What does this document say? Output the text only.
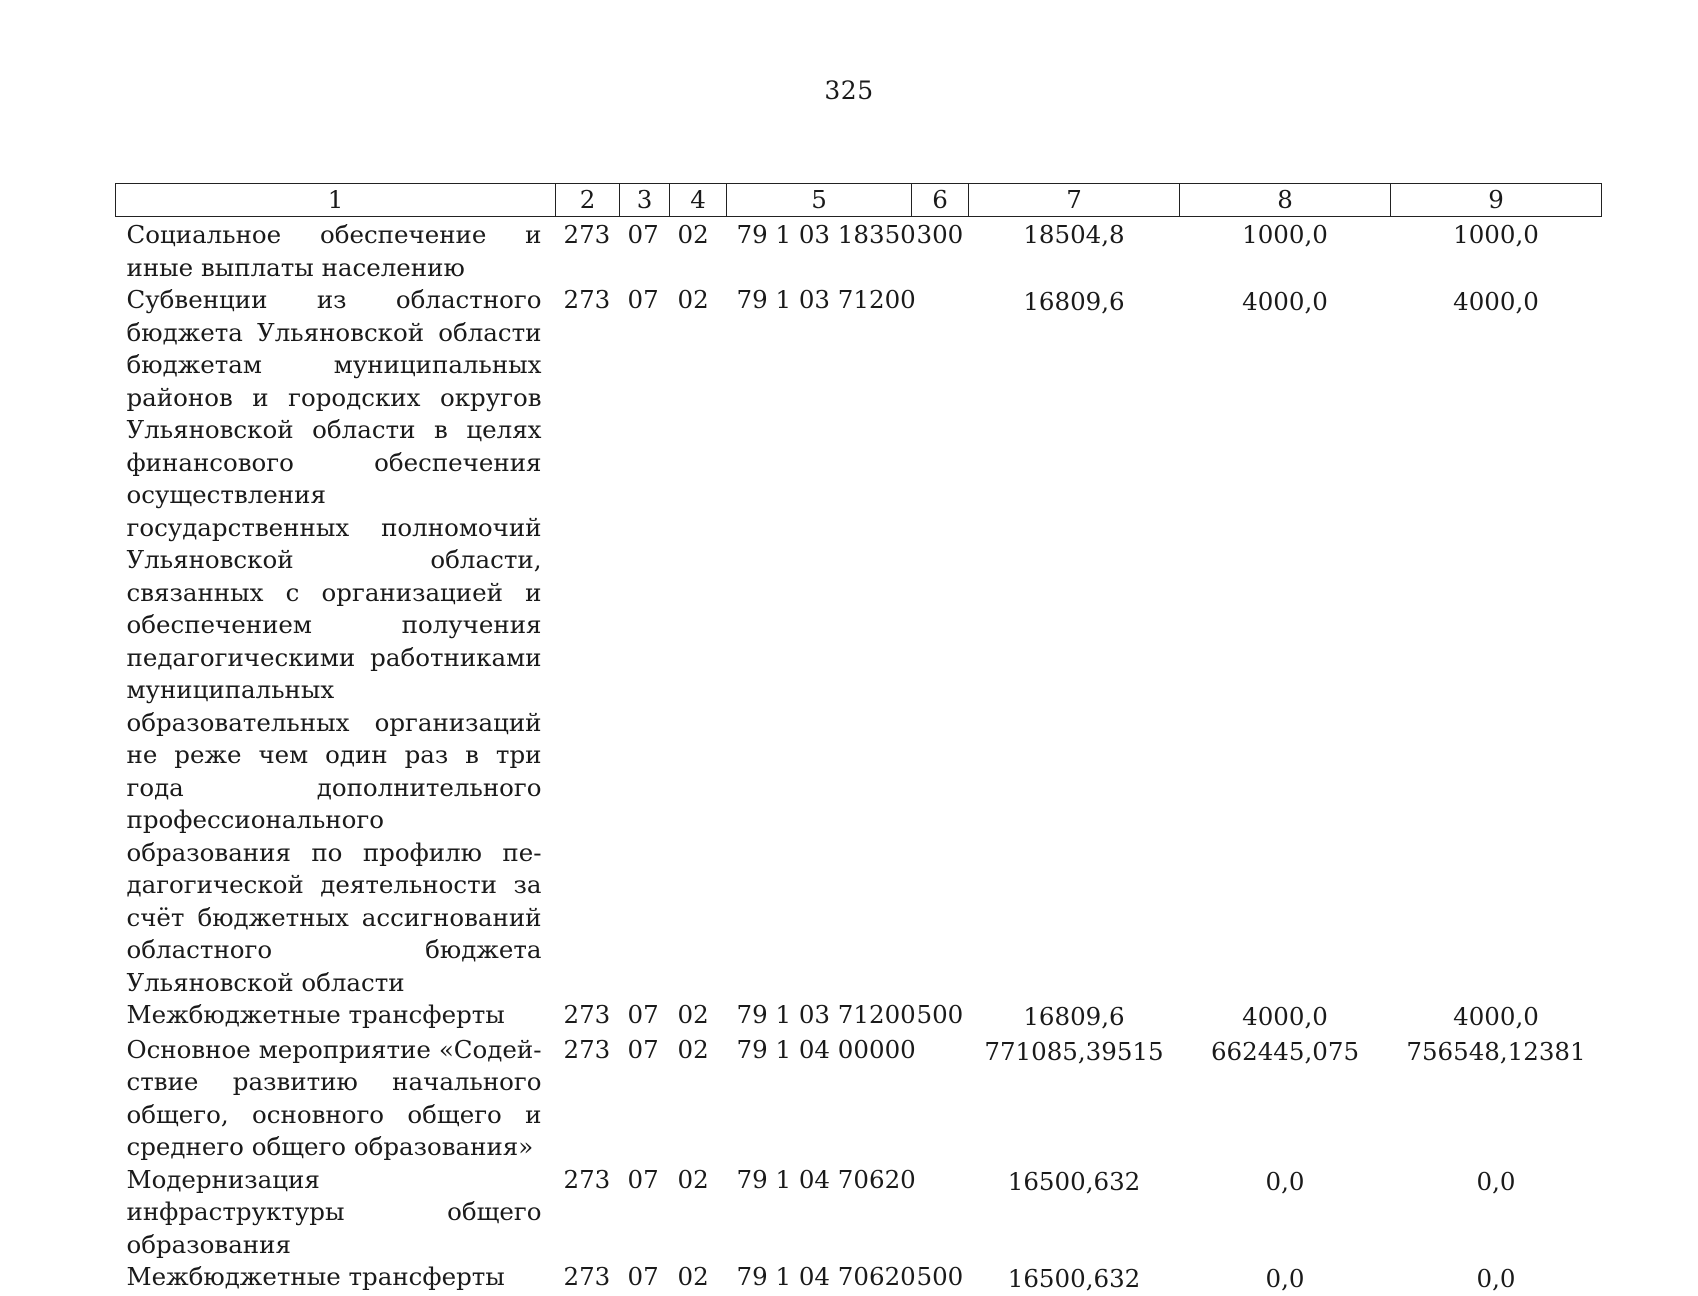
325
1	2	3	4	5	6	7	8	9
Социальное обеспечение и иные выплаты населению	273	07	02	79 1 03 18350	300	18504,8	1000,0	1000,0
Субвенции из областного бюджета Ульяновской области бюджетам муниципальных районов и городских округов Ульяновской области в целях финансового обеспечения осуществления государственных полномочий Ульяновской области, связанных с организацией и обеспечением получения педагогическими работниками муниципальных образовательных организаций не реже чем один раз в три года дополнительного профессионального образования по профилю педагогической деятельности за счёт бюджетных ассигнований областного бюджета Ульяновской области	273	07	02	79 1 03 71200		16809,6	4000,0	4000,0
Межбюджетные трансферты	273	07	02	79 1 03 71200	500	16809,6	4000,0	4000,0
Основное мероприятие «Содействие развитию начального общего, основного общего и среднего общего образования»	273	07	02	79 1 04 00000		771085,39515	662445,075	756548,12381
Модернизация инфраструктуры общего образования	273	07	02	79 1 04 70620		16500,632	0,0	0,0
Межбюджетные трансферты	273	07	02	79 1 04 70620	500	16500,632	0,0	0,0
